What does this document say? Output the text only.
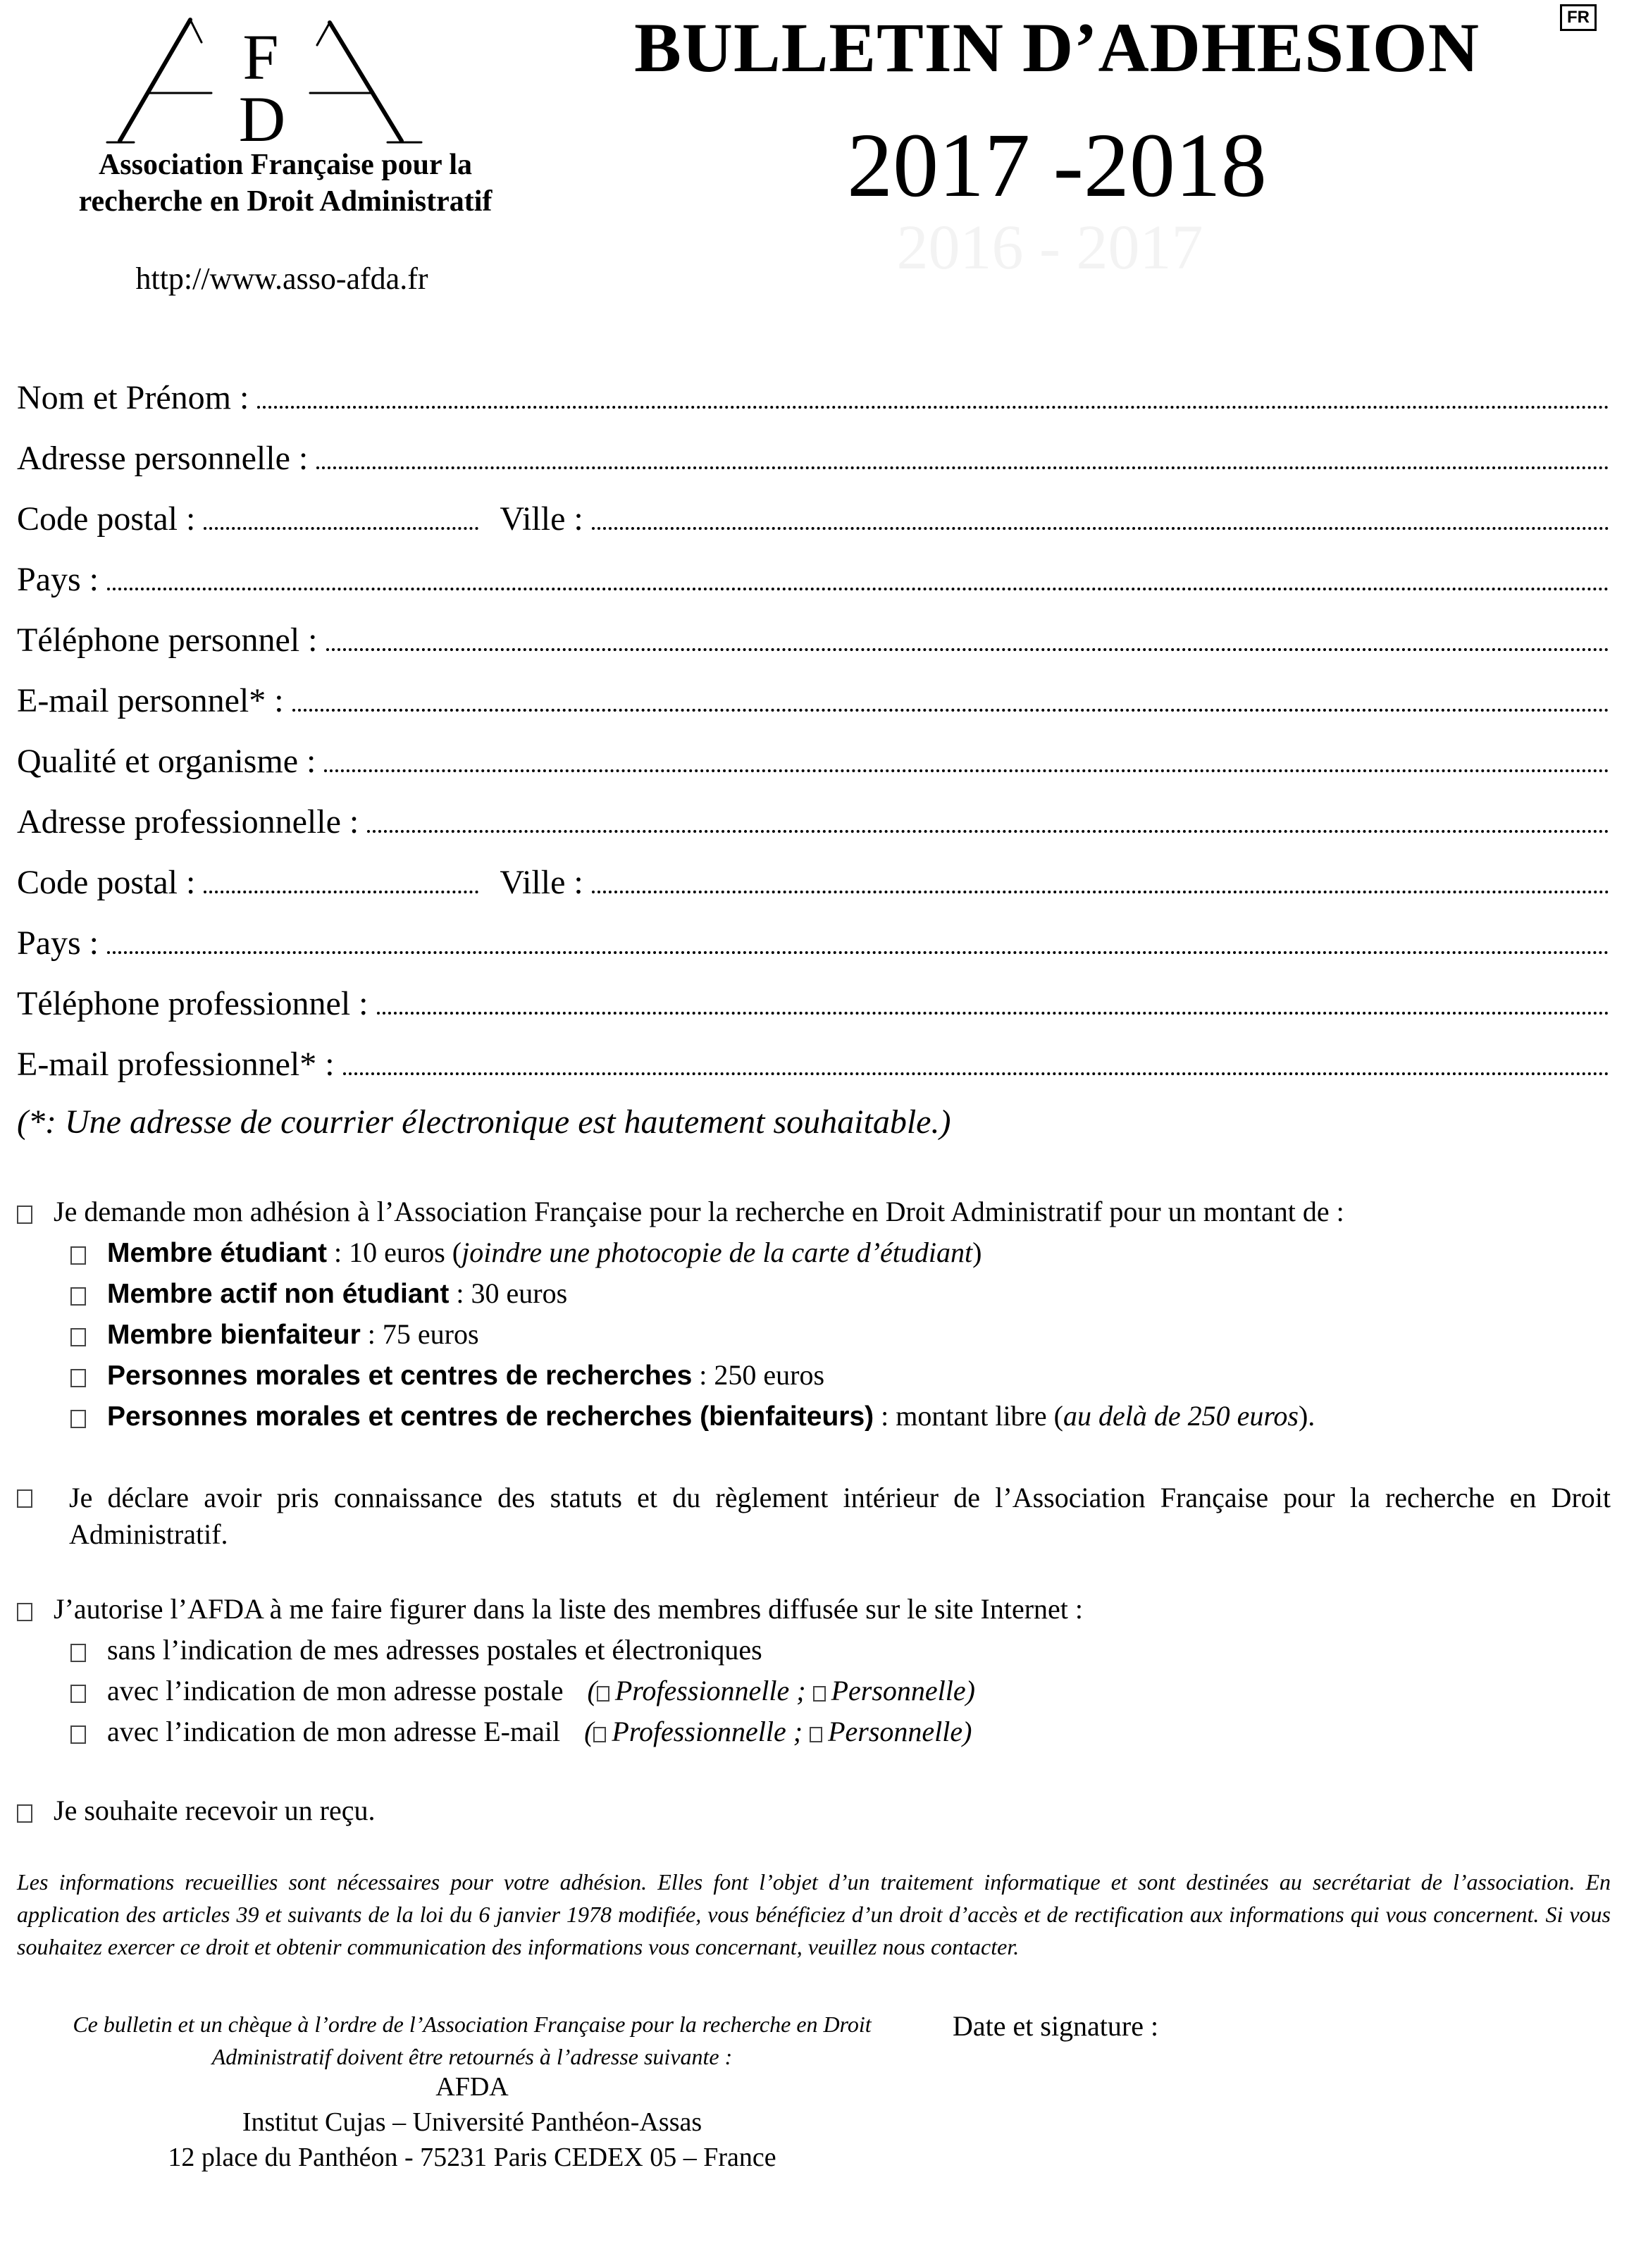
F
D
Association Française pour la
recherche en Droit Administratif
http://www.asso-afda.fr
BULLETIN D’ADHESION
2017 -2018
2016 - 2017
FR
Nom et Prénom :
Adresse personnelle :
Code postal :	Ville :
Pays :
Téléphone personnel :
E-mail personnel* :
Qualité et organisme :
Adresse professionnelle :
Code postal :	Ville :
Pays :
Téléphone professionnel :
E-mail professionnel* :
(*: Une adresse de courrier électronique est hautement souhaitable.)
Je demande mon adhésion à l’Association Française pour la recherche en Droit Administratif pour un montant de :
Membre étudiant : 10 euros (joindre une photocopie de la carte d’étudiant)
Membre actif non étudiant : 30 euros
Membre bienfaiteur : 75 euros
Personnes morales et centres de recherches : 250 euros
Personnes morales et centres de recherches (bienfaiteurs) : montant libre (au delà de 250 euros).
Je déclare avoir pris connaissance des statuts et du règlement intérieur de l’Association Française pour la recherche en Droit Administratif.
J’autorise l’AFDA à me faire figurer dans la liste des membres diffusée sur le site Internet :
sans l’indication de mes adresses postales et électroniques
avec l’indication de mon adresse postale ( Professionnelle ; Personnelle)
avec l’indication de mon adresse E-mail ( Professionnelle ; Personnelle)
Je souhaite recevoir un reçu.
Les informations recueillies sont nécessaires pour votre adhésion. Elles font l’objet d’un traitement informatique et sont destinées au secrétariat de l’association. En application des articles 39 et suivants de la loi du 6 janvier 1978 modifiée, vous bénéficiez d’un droit d’accès et de rectification aux informations qui vous concernent. Si vous souhaitez exercer ce droit et obtenir communication des informations vous concernant, veuillez nous contacter.
Ce bulletin et un chèque à l’ordre de l’Association Française pour la recherche en Droit Administratif doivent être retournés à l’adresse suivante :
AFDA
Institut Cujas – Université Panthéon-Assas
12 place du Panthéon - 75231 Paris CEDEX 05 – France
Date et signature :
